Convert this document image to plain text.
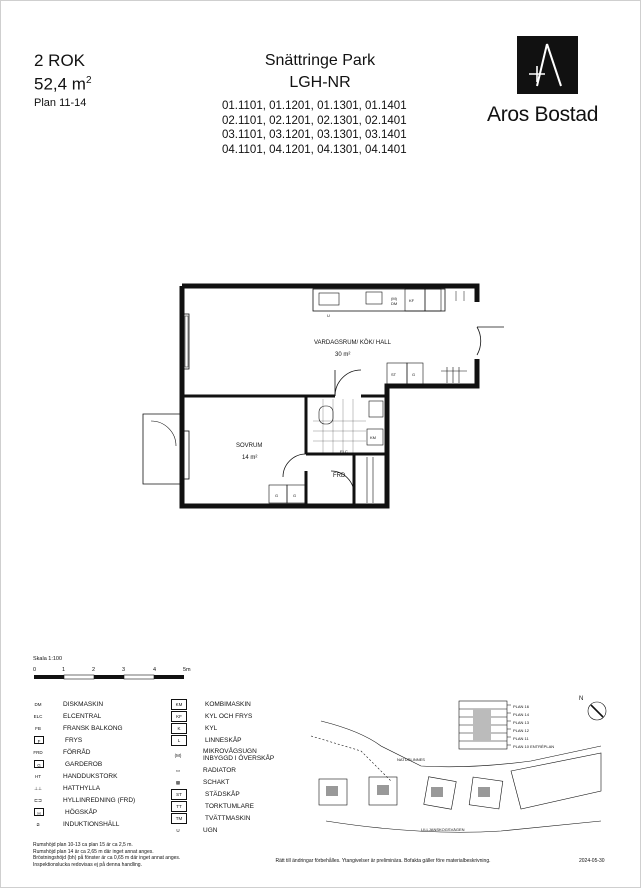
2 ROK
52,4 $m^2$
Plan 11-14
Snättringe Park
LGH-NR
01.1101, 01.1201, 01.1301, 01.1401
02.1101, 02.1201, 02.1301, 02.1401
03.1101, 03.1201, 03.1301, 03.1401
04.1101, 04.1201, 04.1301, 04.1401
Aros Bostad
VARDAGSRUM/ KÖK/ HALL
30 m²
SOVRUM
14 m²
FRD
ELC
KM
KF
ST	G
G	G
U
(M)
DM
Skala 1:100
0	1	2	3	4	5m
DM	DISKMASKIN
ELC	ELCENTRAL
FB	FRANSK BALKONG
F	FRYS
FRD	FÖRRÅD
G	GARDEROB
HT	HANDDUKSTORK
⊥⊥	HATTHYLLA
⊏⊐	HYLLINREDNING (FRD)
H	HÖGSKÅP
⧄	INDUKTIONSHÄLL
KM	KOMBIMASKIN
KF	KYL OCH FRYS
K	KYL
L	LINNESKÅP
(M)	MIKROVÅGSUGN
INBYGGD I ÖVERSKÅP
▭	RADIATOR
▩	SCHAKT
ST	STÄDSKÅP
TT	TORKTUMLARE
TM	TVÄTTMASKIN
U	UGN
Rumshöjd plan 10-13 ca plan 15 är ca 2,5 m.
Rumshöjd plan 14 är ca 2,65 m där inget annat anges.
Bröstningshöjd (bh) på fönster är ca 0,65 m där inget annat anges.
Inspektionslucka redovisas ej på denna handling.
PLAN 16
PLAN 14
PLAN 13
PLAN 12
PLAN 11
PLAN 10 ENTRÉPLAN
NATURLINNES
LILLJANSKOGSVÄGEN
N
Rätt till ändringar förbehålles. Ytangivelser är preliminära. Bofakta gäller före materialbeskrivning.	2024-05-30
